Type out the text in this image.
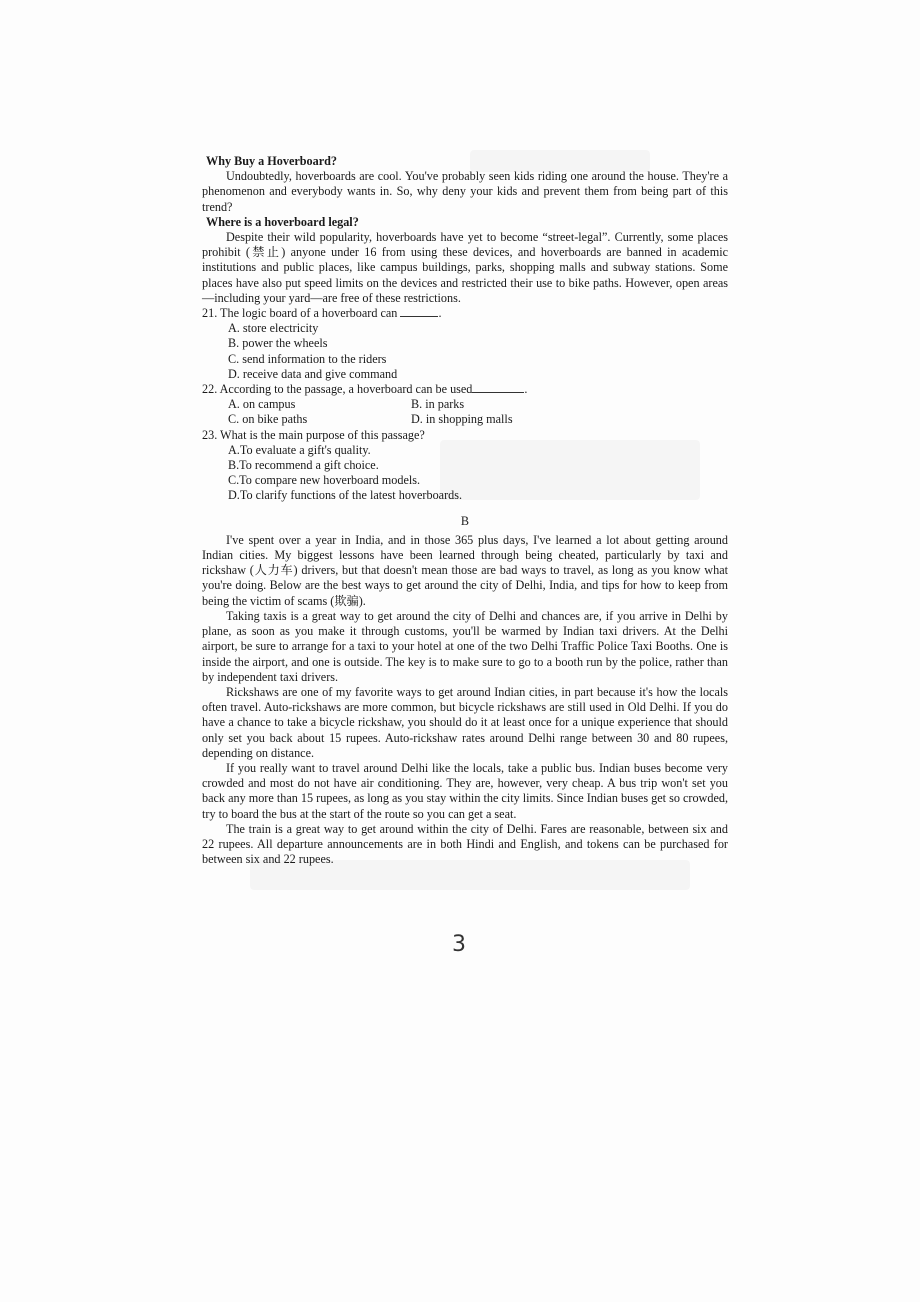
Why Buy a Hoverboard?

Undoubtedly, hoverboards are cool. You've probably seen kids riding one around the house. They're a phenomenon and everybody wants in. So, why deny your kids and prevent them from being part of this trend?

Where is a hoverboard legal?

Despite their wild popularity, hoverboards have yet to become “street-legal”. Currently, some places prohibit (禁止) anyone under 16 from using these devices, and hoverboards are banned in academic institutions and public places, like campus buildings, parks, shopping malls and subway stations. Some places have also put speed limits on the devices and restricted their use to bike paths. However, open areas—including your yard—are free of these restrictions.

21. The logic board of a hoverboard can	.

A. store electricity

B. power the wheels

C. send information to the riders

D. receive data and give command

22. According to the passage, a hoverboard can be used	.

A. on campus	B. in parks
C. on bike paths	D. in shopping malls

23. What is the main purpose of this passage?

A.To evaluate a gift's quality.

B.To recommend a gift choice.

C.To compare new hoverboard models.

D.To clarify functions of the latest hoverboards.

B

I've spent over a year in India, and in those 365 plus days, I've learned a lot about getting around Indian cities. My biggest lessons have been learned through being cheated, particularly by taxi and rickshaw (人力车) drivers, but that doesn't mean those are bad ways to travel, as long as you know what you're doing. Below are the best ways to get around the city of Delhi, India, and tips for how to keep from being the victim of scams (欺骗).

Taking taxis is a great way to get around the city of Delhi and chances are, if you arrive in Delhi by plane, as soon as you make it through customs, you'll be warmed by Indian taxi drivers. At the Delhi airport, be sure to arrange for a taxi to your hotel at one of the two Delhi Traffic Police Taxi Booths. One is inside the airport, and one is outside. The key is to make sure to go to a booth run by the police, rather than by independent taxi drivers.

Rickshaws are one of my favorite ways to get around Indian cities, in part because it's how the locals often travel. Auto-rickshaws are more common, but bicycle rickshaws are still used in Old Delhi. If you do have a chance to take a bicycle rickshaw, you should do it at least once for a unique experience that should only set you back about 15 rupees. Auto-rickshaw rates around Delhi range between 30 and 80 rupees, depending on distance.

If you really want to travel around Delhi like the locals, take a public bus. Indian buses become very crowded and most do not have air conditioning. They are, however, very cheap. A bus trip won't set you back any more than 15 rupees, as long as you stay within the city limits. Since Indian buses get so crowded, try to board the bus at the start of the route so you can get a seat.

The train is a great way to get around within the city of Delhi. Fares are reasonable, between six and 22 rupees. All departure announcements are in both Hindi and English, and tokens can be purchased for between six and 22 rupees.

3
